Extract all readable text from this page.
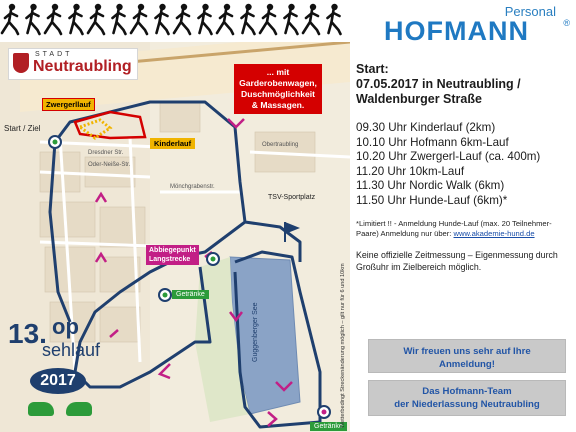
STADT
Neutraubling	... mit Garderobenwagen, Duschmöglichkeit & Massagen.
Start / Ziel
Zwergerllauf
Kinderlauf
TSV-Sportplatz
Abbiegepunkt
Langstrecke
Getränke
Getränke
Guggenberger See
Dresdner Str.
Oder-Neiße-Str.
Mönchgrabenstr.
Obertraubling
Wetterbedingt Streckenänderung möglich – gilt nur für 6 und 10km
13. op
sehlauf
2017
Personal
HOFMANN	®
Start:
07.05.2017 in Neutraubling /
Waldenburger Straße
09.30 Uhr Kinderlauf (2km)
10.10 Uhr Hofmann 6km-Lauf
10.20 Uhr Zwergerl-Lauf (ca. 400m)
11.20 Uhr 10km-Lauf
11.30 Uhr Nordic Walk (6km)
11.50 Uhr Hunde-Lauf (6km)*
*Limitiert !! - Anmeldung Hunde-Lauf (max. 20 Teilnehmer-Paare) Anmeldung nur über: www.akademie-hund.de
Keine offizielle Zeitmessung – Eigenmessung durch Großuhr im Zielbereich möglich.
Wir freuen uns sehr auf Ihre
Anmeldung!
Das Hofmann-Team
der Niederlassung Neutraubling
